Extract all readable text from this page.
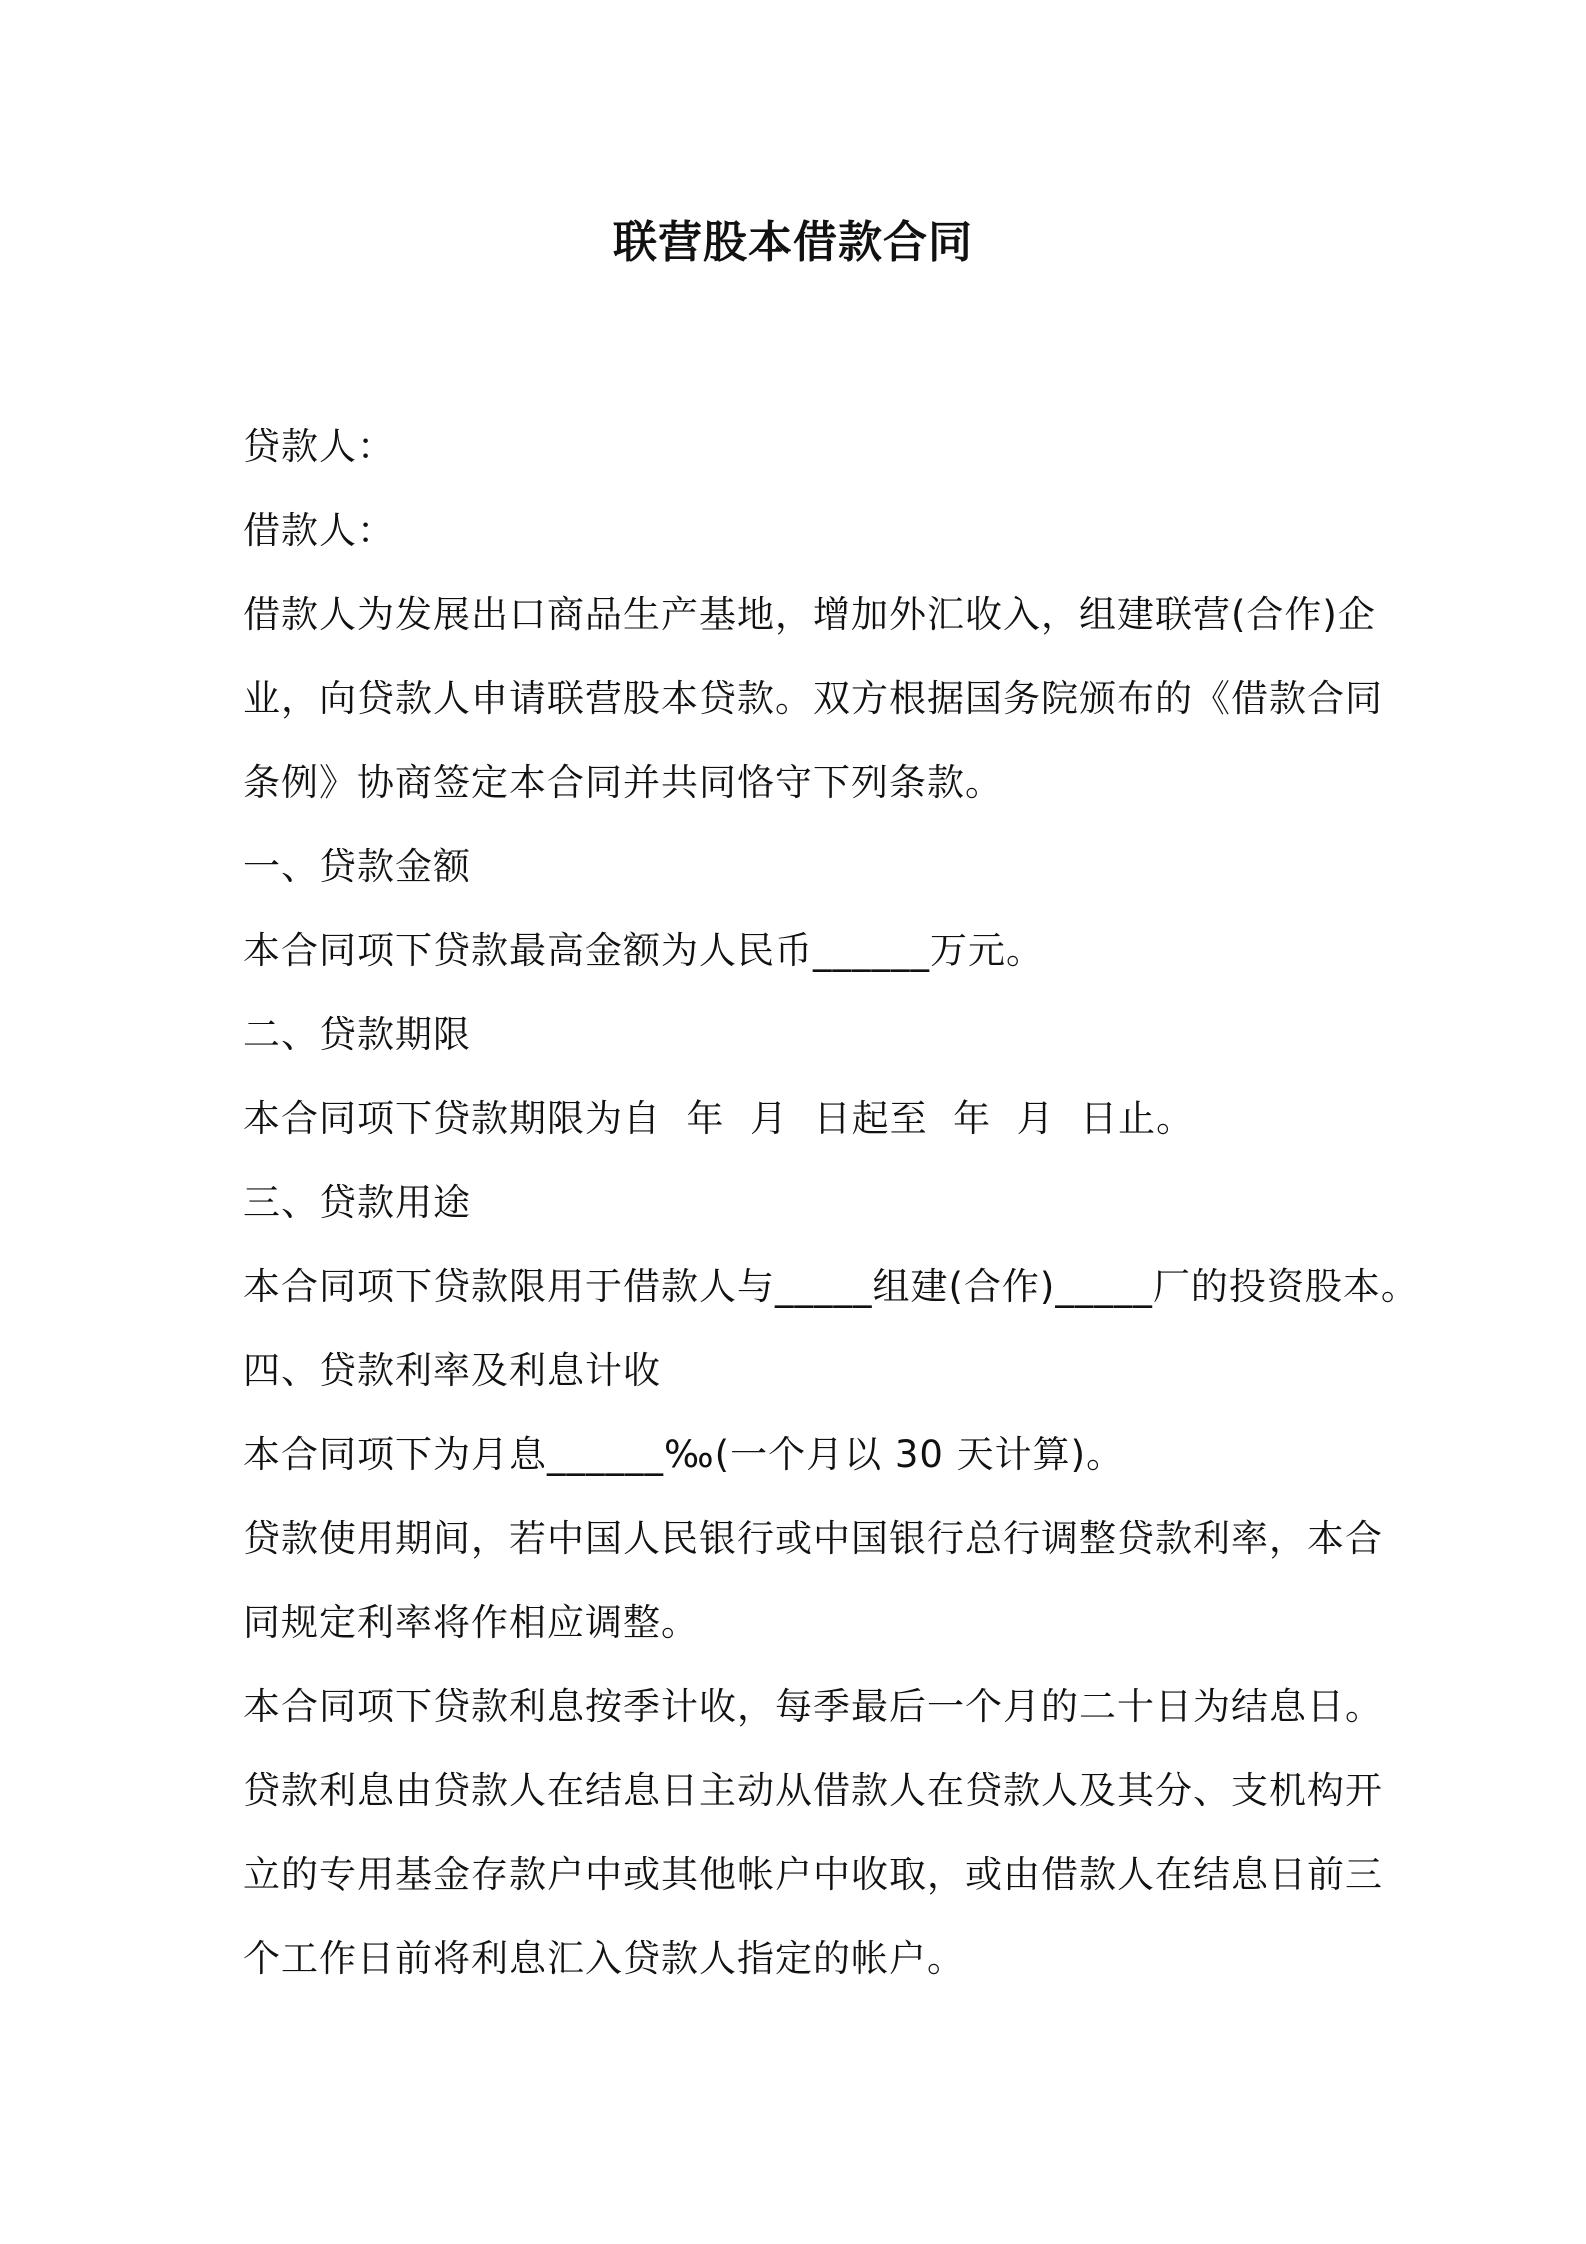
联营股本借款合同
贷款人：
借款人：
借款人为发展出口商品生产基地，增加外汇收入，组建联营(合作)企
业，向贷款人申请联营股本贷款。双方根据国务院颁布的《借款合同
条例》协商签定本合同并共同恪守下列条款。
一、贷款金额
本合同项下贷款最高金额为人民币______万元。
二、贷款期限
本合同项下贷款期限为自  年  月  日起至  年  月  日止。
三、贷款用途
本合同项下贷款限用于借款人与_____组建(合作)_____厂的投资股本。
四、贷款利率及利息计收
本合同项下为月息______‰(一个月以 30 天计算)。
贷款使用期间，若中国人民银行或中国银行总行调整贷款利率，本合
同规定利率将作相应调整。
本合同项下贷款利息按季计收，每季最后一个月的二十日为结息日。
贷款利息由贷款人在结息日主动从借款人在贷款人及其分、支机构开
立的专用基金存款户中或其他帐户中收取，或由借款人在结息日前三
个工作日前将利息汇入贷款人指定的帐户。
